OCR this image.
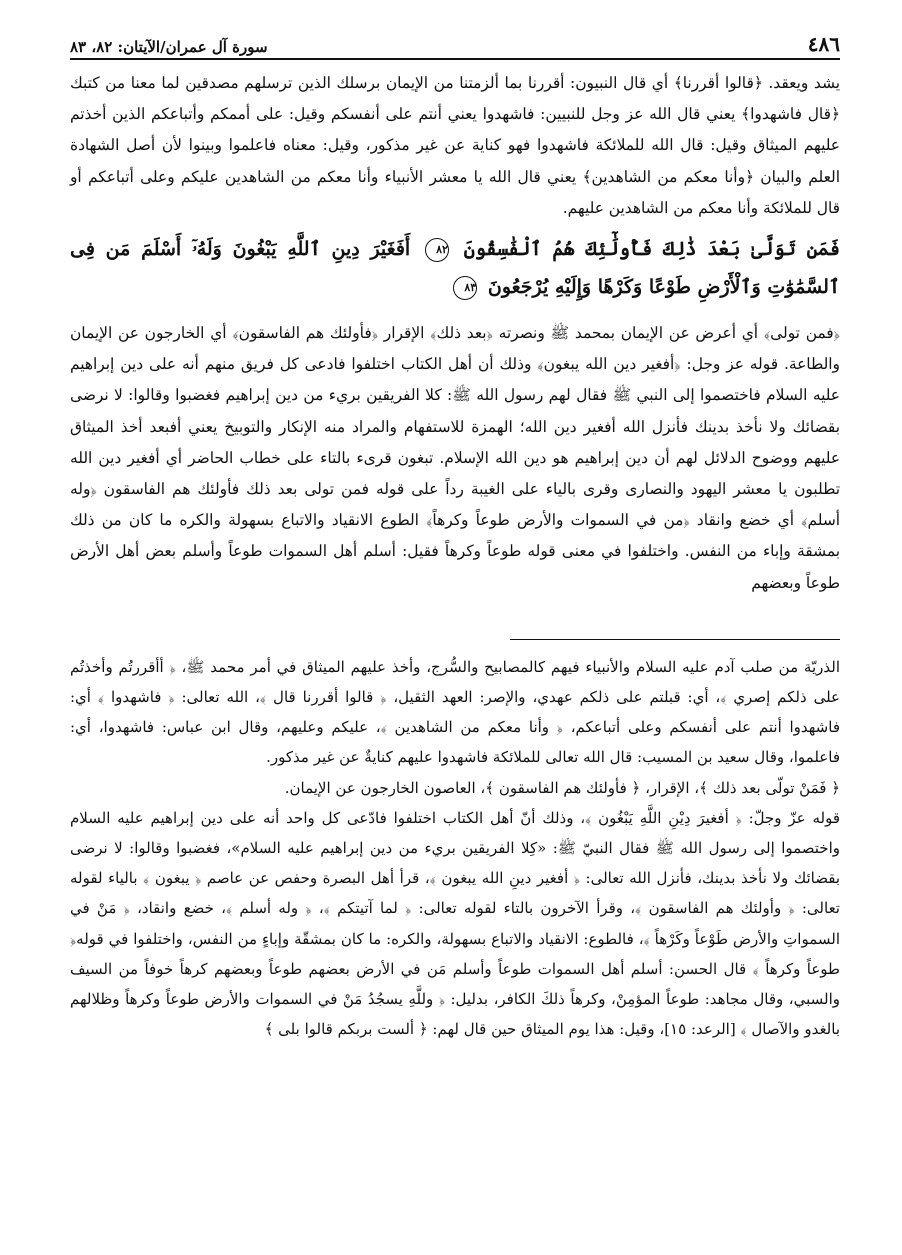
٤٨٦
سورة آل عمران/الآيتان: ٨٢، ٨٣

يشد ويعقد. ﴿قالوا أقررنا﴾ أي قال النبيون: أقررنا بما ألزمتنا من الإيمان برسلك الذين ترسلهم مصدقين لما معنا من كتبك ﴿قال فاشهدوا﴾ يعني قال الله عز وجل للنبيين: فاشهدوا يعني أنتم على أنفسكم وقيل: على أممكم وأتباعكم الذين أخذتم عليهم الميثاق وقيل: قال الله للملائكة فاشهدوا فهو كناية عن غير مذكور، وقيل: معناه فاعلموا وبينوا لأن أصل الشهادة العلم والبيان ﴿وأنا معكم من الشاهدين﴾ يعني قال الله يا معشر الأنبياء وأنا معكم من الشاهدين عليكم وعلى أتباعكم أو قال للملائكة وأنا معكم من الشاهدين عليهم.

فَمَن تَوَلَّىٰ بَعْدَ ذَٰلِكَ فَأُولَٰٓئِكَ هُمُ ٱلْفَٰسِقُونَ ٨٢ أَفَغَيْرَ دِينِ ٱللَّهِ يَبْغُونَ وَلَهُۥٓ أَسْلَمَ مَن فِى ٱلسَّمَٰوَٰتِ وَٱلْأَرْضِ طَوْعًا وَكَرْهًا وَإِلَيْهِ يُرْجَعُونَ ٨٣

﴿فمن تولى﴾ أي أعرض عن الإيمان بمحمد ﷺ ونصرته ﴿بعد ذلك﴾ الإقرار ﴿فأولئك هم الفاسقون﴾ أي الخارجون عن الإيمان والطاعة. قوله عز وجل: ﴿أفغير دين الله يبغون﴾ وذلك أن أهل الكتاب اختلفوا فادعى كل فريق منهم أنه على دين إبراهيم عليه السلام فاختصموا إلى النبي ﷺ فقال لهم رسول الله ﷺ: كلا الفريقين بريء من دين إبراهيم فغضبوا وقالوا: لا نرضى بقضائك ولا نأخذ بدينك فأنزل الله أفغير دين الله؛ الهمزة للاستفهام والمراد منه الإنكار والتوبيخ يعني أفبعد أخذ الميثاق عليهم ووضوح الدلائل لهم أن دين إبراهيم هو دين الله الإسلام. تبغون قرىء بالتاء على خطاب الحاضر أي أفغير دين الله تطلبون يا معشر اليهود والنصارى وقرى بالياء على الغيبة رداً على قوله فمن تولى بعد ذلك فأولئك هم الفاسقون ﴿وله أسلم﴾ أي خضع وانقاد ﴿من في السموات والأرض طوعاً وكرهاً﴾ الطوع الانقياد والاتباع بسهولة والكره ما كان من ذلك بمشقة وإباء من النفس. واختلفوا في معنى قوله طوعاً وكرهاً فقيل: أسلم أهل السموات طوعاً وأسلم بعض أهل الأرض طوعاً وبعضهم

الذريّة من صلب آدم عليه السلام والأنبياء فيهم كالمصابيح والسُّرج، وأخذ عليهم الميثاق في أمر محمد ﷺ، ﴿ أأقررتُم وأخذتُم على ذلكم إصري ﴾، أي: قبلتم على ذلكم عهدي، والإصر: العهد الثقيل، ﴿ قالوا أقررنا قال ﴾، الله تعالى: ﴿ فاشهدوا ﴾ أي: فاشهدوا أنتم على أنفسكم وعلى أتباعكم، ﴿ وأنا معكم من الشاهدين ﴾، عليكم وعليهم، وقال ابن عباس: فاشهدوا، أي: فاعلموا، وقال سعيد بن المسيب: قال الله تعالى للملائكة فاشهدوا عليهم كنايةٌ عن غير مذكور.

﴿ فَمَنْ تولّى بعد ذلك ﴾، الإقرار، ﴿ فأولئك هم الفاسقون ﴾، العاصون الخارجون عن الإيمان.

قوله عزّ وجلّ: ﴿ أفغيرَ دِيْنِ اللَّهِ يَبْغُون ﴾، وذلك أنّ أهل الكتاب اختلفوا فادّعى كل واحد أنه على دين إبراهيم عليه السلام واختصموا إلى رسول الله ﷺ فقال النبيّ ﷺ: «كِلا الفريقين بريء من دين إبراهيم عليه السلام»، فغضبوا وقالوا: لا نرضى بقضائك ولا نأخذ بدينك، فأنزل الله تعالى: ﴿ أفغير دينِ الله يبغون ﴾، قرأ أهل البصرة وحفص عن عاصم ﴿ يبغون ﴾ بالياء لقوله تعالى: ﴿ وأولئك هم الفاسقون ﴾، وقرأ الآخرون بالتاء لقوله تعالى: ﴿ لما آتيتكم ﴾، ﴿ وله أسلم ﴾، خضع وانقاد، ﴿ مَنْ في السمواتِ والأرض طَوْعاً وكَرْهاً ﴾، فالطوع: الانقياد والاتباع بسهولة، والكره: ما كان بمشقّة وإباءٍ من النفس، واختلفوا في قوله﴿ طوعاً وكرهاً ﴾ قال الحسن: أسلم أهل السموات طوعاً وأسلم مَن في الأرض بعضهم طوعاً وبعضهم كرهاً خوفاً من السيف والسبي، وقال مجاهد: طوعاً المؤمِنْ، وكرهاً ذلكَ الكافر، بدليل: ﴿ وللَّهِ يسجُدُ مَنْ في السموات والأرض طوعاً وكرهاً وظلالهم بالغدو والآصال ﴾ [الرعد: ١٥]، وقيل: هذا يوم الميثاق حين قال لهم: ﴿ ألست بربكم قالوا بلى ﴾
